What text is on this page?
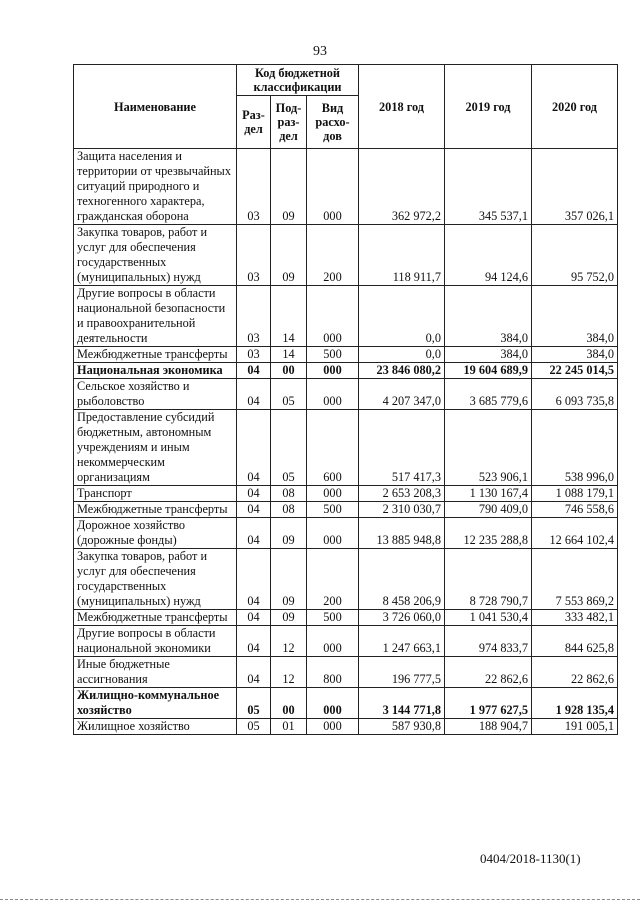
93
Наименование	Код бюджетной классификации			2018 год	2019 год	2020 год
	Раз-дел	Под-раз-дел	Вид расхо-дов			
Защита населения и территории от чрезвычайных ситуаций природного и техногенного характера, гражданская оборона	03	09	000	362 972,2	345 537,1	357 026,1
Закупка товаров, работ и услуг для обеспечения государственных (муниципальных) нужд	03	09	200	118 911,7	94 124,6	95 752,0
Другие вопросы в области национальной безопасности и правоохранительной деятельности	03	14	000	0,0	384,0	384,0
Межбюджетные трансферты	03	14	500	0,0	384,0	384,0
Национальная экономика	04	00	000	23 846 080,2	19 604 689,9	22 245 014,5
Сельское хозяйство и рыболовство	04	05	000	4 207 347,0	3 685 779,6	6 093 735,8
Предоставление субсидий бюджетным, автономным учреждениям и иным некоммерческим организациям	04	05	600	517 417,3	523 906,1	538 996,0
Транспорт	04	08	000	2 653 208,3	1 130 167,4	1 088 179,1
Межбюджетные трансферты	04	08	500	2 310 030,7	790 409,0	746 558,6
Дорожное хозяйство (дорожные фонды)	04	09	000	13 885 948,8	12 235 288,8	12 664 102,4
Закупка товаров, работ и услуг для обеспечения государственных (муниципальных) нужд	04	09	200	8 458 206,9	8 728 790,7	7 553 869,2
Межбюджетные трансферты	04	09	500	3 726 060,0	1 041 530,4	333 482,1
Другие вопросы в области национальной экономики	04	12	000	1 247 663,1	974 833,7	844 625,8
Иные бюджетные ассигнования	04	12	800	196 777,5	22 862,6	22 862,6
Жилищно-коммунальное хозяйство	05	00	000	3 144 771,8	1 977 627,5	1 928 135,4
Жилищное хозяйство	05	01	000	587 930,8	188 904,7	191 005,1
0404/2018-1130(1)
